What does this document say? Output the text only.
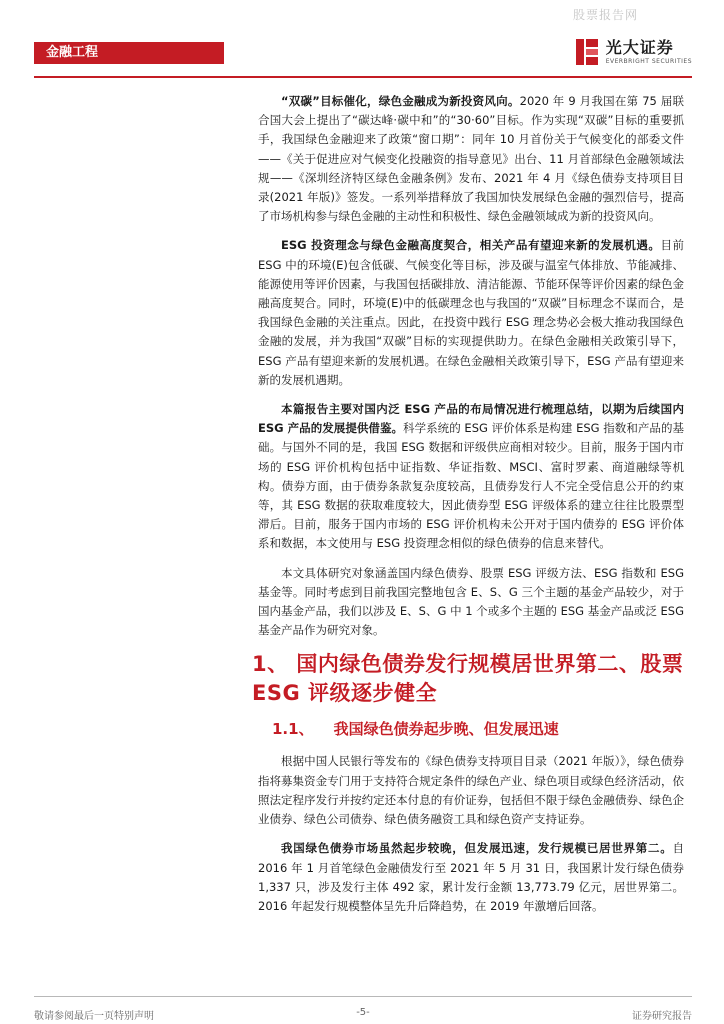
股票报告网
金融工程	光大证券
EVERBRIGHT SECURITIES

“双碳”目标催化，绿色金融成为新投资风向。2020 年 9 月我国在第 75 届联合国大会上提出了“碳达峰·碳中和”的“30·60”目标。作为实现“双碳”目标的重要抓手，我国绿色金融迎来了政策“窗口期”：同年 10 月首份关于气候变化的部委文件——《关于促进应对气候变化投融资的指导意见》出台、11 月首部绿色金融领域法规——《深圳经济特区绿色金融条例》发布、2021 年 4 月《绿色债券支持项目目录(2021 年版)》签发。一系列举措释放了我国加快发展绿色金融的强烈信号，提高了市场机构参与绿色金融的主动性和积极性、绿色金融领域成为新的投资风向。

ESG 投资理念与绿色金融高度契合，相关产品有望迎来新的发展机遇。目前 ESG 中的环境(E)包含低碳、气候变化等目标，涉及碳与温室气体排放、节能减排、能源使用等评价因素，与我国包括碳排放、清洁能源、节能环保等评价因素的绿色金融高度契合。同时，环境(E)中的低碳理念也与我国的“双碳”目标理念不谋而合，是我国绿色金融的关注重点。因此，在投资中践行 ESG 理念势必会极大推动我国绿色金融的发展，并为我国“双碳”目标的实现提供助力。在绿色金融相关政策引导下，ESG 产品有望迎来新的发展机遇。在绿色金融相关政策引导下，ESG 产品有望迎来新的发展机遇期。

本篇报告主要对国内泛 ESG 产品的布局情况进行梳理总结，以期为后续国内 ESG 产品的发展提供借鉴。科学系统的 ESG 评价体系是构建 ESG 指数和产品的基础。与国外不同的是，我国 ESG 数据和评级供应商相对较少。目前，服务于国内市场的 ESG 评价机构包括中证指数、华证指数、MSCI、富时罗素、商道融绿等机构。债券方面，由于债券条款复杂度较高，且债券发行人不完全受信息公开的约束等，其 ESG 数据的获取难度较大，因此债券型 ESG 评级体系的建立往往比股票型滞后。目前，服务于国内市场的 ESG 评价机构未公开对于国内债券的 ESG 评价体系和数据，本文使用与 ESG 投资理念相似的绿色债券的信息来替代。

本文具体研究对象涵盖国内绿色债券、股票 ESG 评级方法、ESG 指数和 ESG 基金等。同时考虑到目前我国完整地包含 E、S、G 三个主题的基金产品较少，对于国内基金产品，我们以涉及 E、S、G 中 1 个或多个主题的 ESG 基金产品或泛 ESG 基金产品作为研究对象。

1、 国内绿色债券发行规模居世界第二、股票 ESG 评级逐步健全
1.1、 我国绿色债券起步晚、但发展迅速

根据中国人民银行等发布的《绿色债券支持项目目录（2021 年版）》，绿色债券指将募集资金专门用于支持符合规定条件的绿色产业、绿色项目或绿色经济活动，依照法定程序发行并按约定还本付息的有价证券，包括但不限于绿色金融债券、绿色企业债券、绿色公司债券、绿色债务融资工具和绿色资产支持证券。

我国绿色债券市场虽然起步较晚，但发展迅速，发行规模已居世界第二。自 2016 年 1 月首笔绿色金融债发行至 2021 年 5 月 31 日，我国累计发行绿色债券 1,337 只，涉及发行主体 492 家，累计发行金额 13,773.79 亿元，居世界第二。2016 年起发行规模整体呈先升后降趋势，在 2019 年激增后回落。

敬请参阅最后一页特别声明	-5-	证券研究报告
